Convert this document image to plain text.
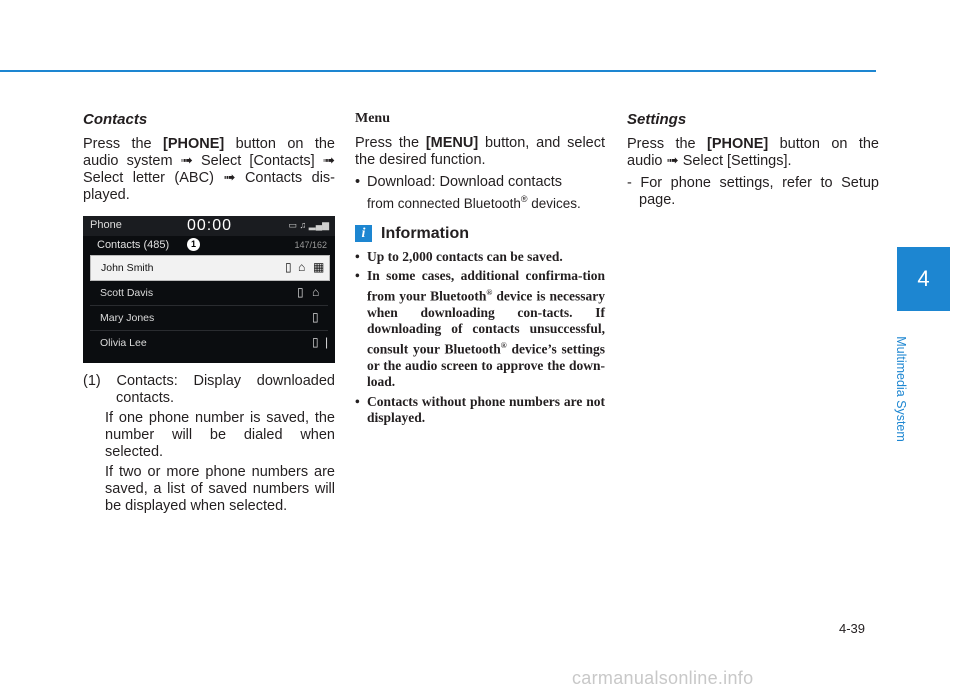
Contacts

Press the [PHONE] button on the audio system ➟ Select [Contacts] ➟ Select letter (ABC) ➟ Contacts dis-played.

Phone	00:00	▭ ♫ ▂▄▆
Contacts (485)	1	147/162
John Smith	▯ ⌂ ▦
Scott Davis	▯ ⌂
Mary Jones	▯
Olivia Lee	▯ |

(1) Contacts: Display downloaded contacts.

If one phone number is saved, the number will be dialed when selected.

If two or more phone numbers are saved, a list of saved numbers will be displayed when selected.

Menu

Press the [MENU] button, and select the desired function.

• Download: Download contacts
from connected Bluetooth® devices.
i Information
• Up to 2,000 contacts can be saved.
• In some cases, additional confirma-tion from your Bluetooth® device is necessary when downloading con-tacts. If downloading of contacts unsuccessful, consult your Bluetooth® device’s settings or the audio screen to approve the down-load.
• Contacts without phone numbers are not displayed.
Settings

Press the [PHONE] button on the audio ➟ Select [Settings].

- For phone settings, refer to Setup page.

4
Multimedia System
4-39
carmanualsonline.info
